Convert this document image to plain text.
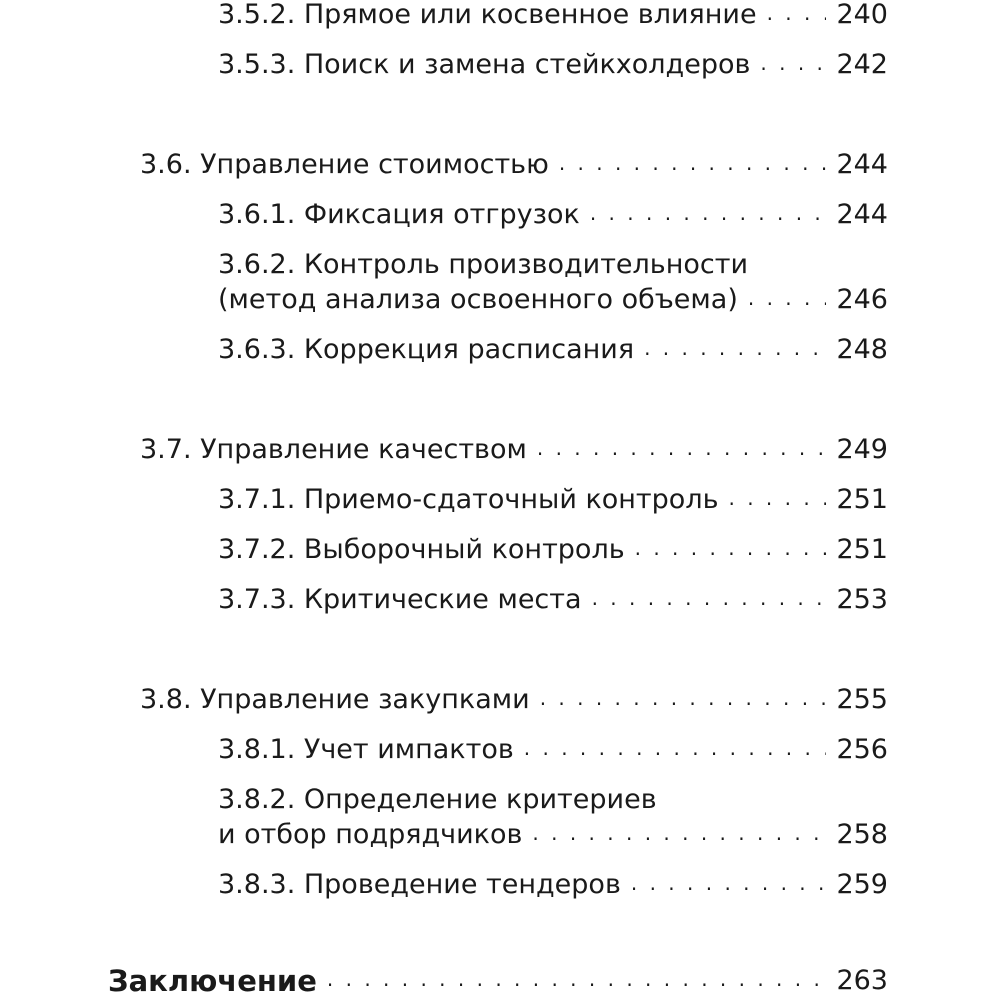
3.5.2. Прямое или косвенное влияние . . .	240
3.5.3. Поиск и замена стейкхолдеров . . .	242
3.6. Управление стоимостью . . .	244
3.6.1. Фиксация отгрузок . . .	244
3.6.2. Контроль производительности
(метод анализа освоенного объема) . . .	246
3.6.3. Коррекция расписания . . .	248
3.7. Управление качеством . . .	249
3.7.1. Приемо-сдаточный контроль . . .	251
3.7.2. Выборочный контроль . . .	251
3.7.3. Критические места . . .	253
3.8. Управление закупками . . .	255
3.8.1. Учет импактов . . .	256
3.8.2. Определение критериев
и отбор подрядчиков . . .	258
3.8.3. Проведение тендеров . . .	259
Заключение . . .	263
